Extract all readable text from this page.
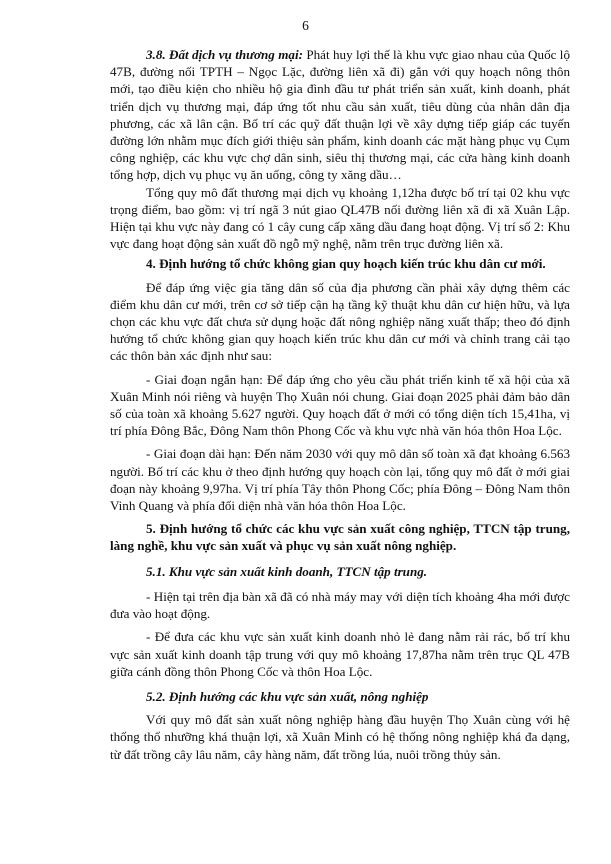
6

3.8. Đất dịch vụ thương mại: Phát huy lợi thế là khu vực giao nhau của Quốc lộ 47B, đường nối TPTH – Ngọc Lặc, đường liên xã đi) gắn với quy hoạch nông thôn mới, tạo điều kiện cho nhiều hộ gia đình đầu tư phát triển sản xuất, kinh doanh, phát triển dịch vụ thương mại, đáp ứng tốt nhu cầu sản xuất, tiêu dùng của nhân dân địa phương, các xã lân cận. Bố trí các quỹ đất thuận lợi về xây dựng tiếp giáp các tuyến đường lớn nhằm mục đích giới thiệu sản phẩm, kinh doanh các mặt hàng phục vụ Cụm công nghiệp, các khu vực chợ dân sinh, siêu thị thương mại, các cửa hàng kinh doanh tổng hợp, dịch vụ phục vụ ăn uống, công ty xăng dầu…

Tổng quy mô đất thương mại dịch vụ khoảng 1,12ha được bố trí tại 02 khu vực trọng điểm, bao gồm: vị trí ngã 3 nút giao QL47B nối đường liên xã đi xã Xuân Lập. Hiện tại khu vực này đang có 1 cây cung cấp xăng dầu đang hoạt động. Vị trí số 2: Khu vực đang hoạt động sản xuất đồ ngỗ mỹ nghệ, nằm trên trục đường liên xã.

4. Định hướng tổ chức không gian quy hoạch kiến trúc khu dân cư mới.

Để đáp ứng việc gia tăng dân số của địa phương cần phải xây dựng thêm các điểm khu dân cư mới, trên cơ sở tiếp cận hạ tầng kỹ thuật khu dân cư hiện hữu, và lựa chọn các khu vực đất chưa sử dụng hoặc đất nông nghiệp năng xuất thấp; theo đó định hướng tổ chức không gian quy hoạch kiến trúc khu dân cư mới và chỉnh trang cải tạo các thôn bản xác định như sau:

- Giai đoạn ngắn hạn: Để đáp ứng cho yêu cầu phát triển kinh tế xã hội của xã Xuân Minh nói riêng và huyện Thọ Xuân nói chung. Giai đoạn 2025 phải đảm bảo dân số của toàn xã khoảng 5.627 người. Quy hoạch đất ở mới có tổng diện tích 15,41ha, vị trí phía Đông Bắc, Đông Nam thôn Phong Cốc và khu vực nhà văn hóa thôn Hoa Lộc.

- Giai đoạn dài hạn: Đến năm 2030 với quy mô dân số toàn xã đạt khoảng 6.563 người. Bố trí các khu ở theo định hướng quy hoạch còn lại, tổng quy mô đất ở mới giai đoạn này khoảng 9,97ha. Vị trí phía Tây thôn Phong Cốc; phía Đông – Đông Nam thôn Vinh Quang và phía đối diện nhà văn hóa thôn Hoa Lộc.

5. Định hướng tổ chức các khu vực sản xuất công nghiệp, TTCN tập trung, làng nghề, khu vực sản xuất và phục vụ sản xuất nông nghiệp.

5.1. Khu vực sản xuất kinh doanh, TTCN tập trung.

- Hiện tại trên địa bàn xã đã có nhà máy may với diện tích khoảng 4ha mới được đưa vào hoạt động.

- Để đưa các khu vực sản xuất kinh doanh nhỏ lẻ đang nằm rải rác, bố trí khu vực sản xuất kinh doanh tập trung với quy mô khoảng 17,87ha nằm trên trục QL 47B giữa cánh đồng thôn Phong Cốc và thôn Hoa Lộc.

5.2. Định hướng các khu vực sản xuất, nông nghiệp

Với quy mô đất sản xuất nông nghiệp hàng đầu huyện Thọ Xuân cùng với hệ thống thổ nhưỡng khá thuận lợi, xã Xuân Minh có hệ thống nông nghiệp khá đa dạng, từ đất trồng cây lâu năm, cây hàng năm, đất trồng lúa, nuôi trồng thủy sản.
